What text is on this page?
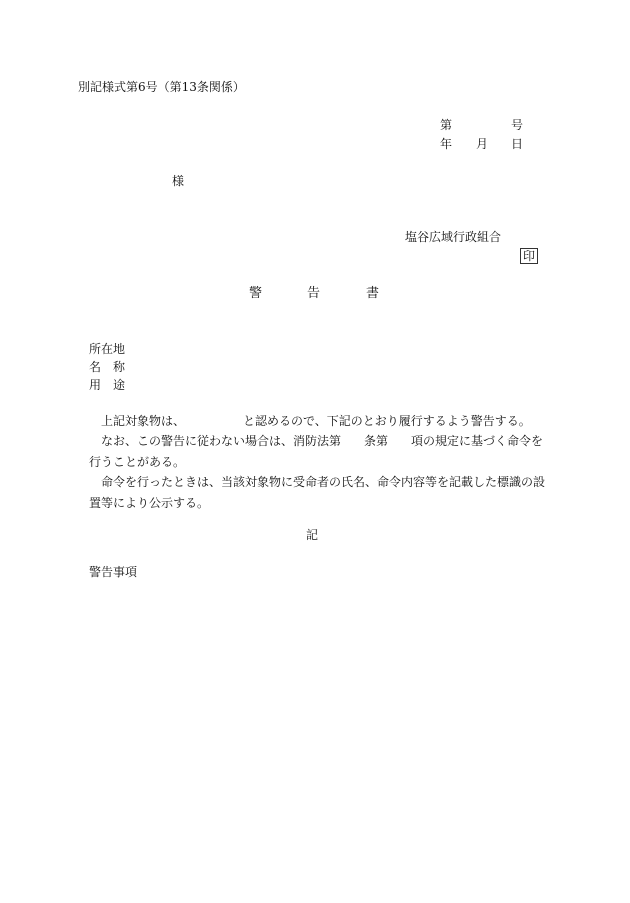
別記様式第6号（第13条関係）
第	号
年 月 日
様
塩谷広域行政組合
印
警	告	書
所在地
名　称
用　途
上記対象物は、	と認めるので、下記のとおり履行するよう警告する。
なお、この警告に従わない場合は、消防法第 条第 項の規定に基づく命令を行うことがある。
命令を行ったときは、当該対象物に受命者の氏名、命令内容等を記載した標識の設置等により公示する。
記
警告事項
